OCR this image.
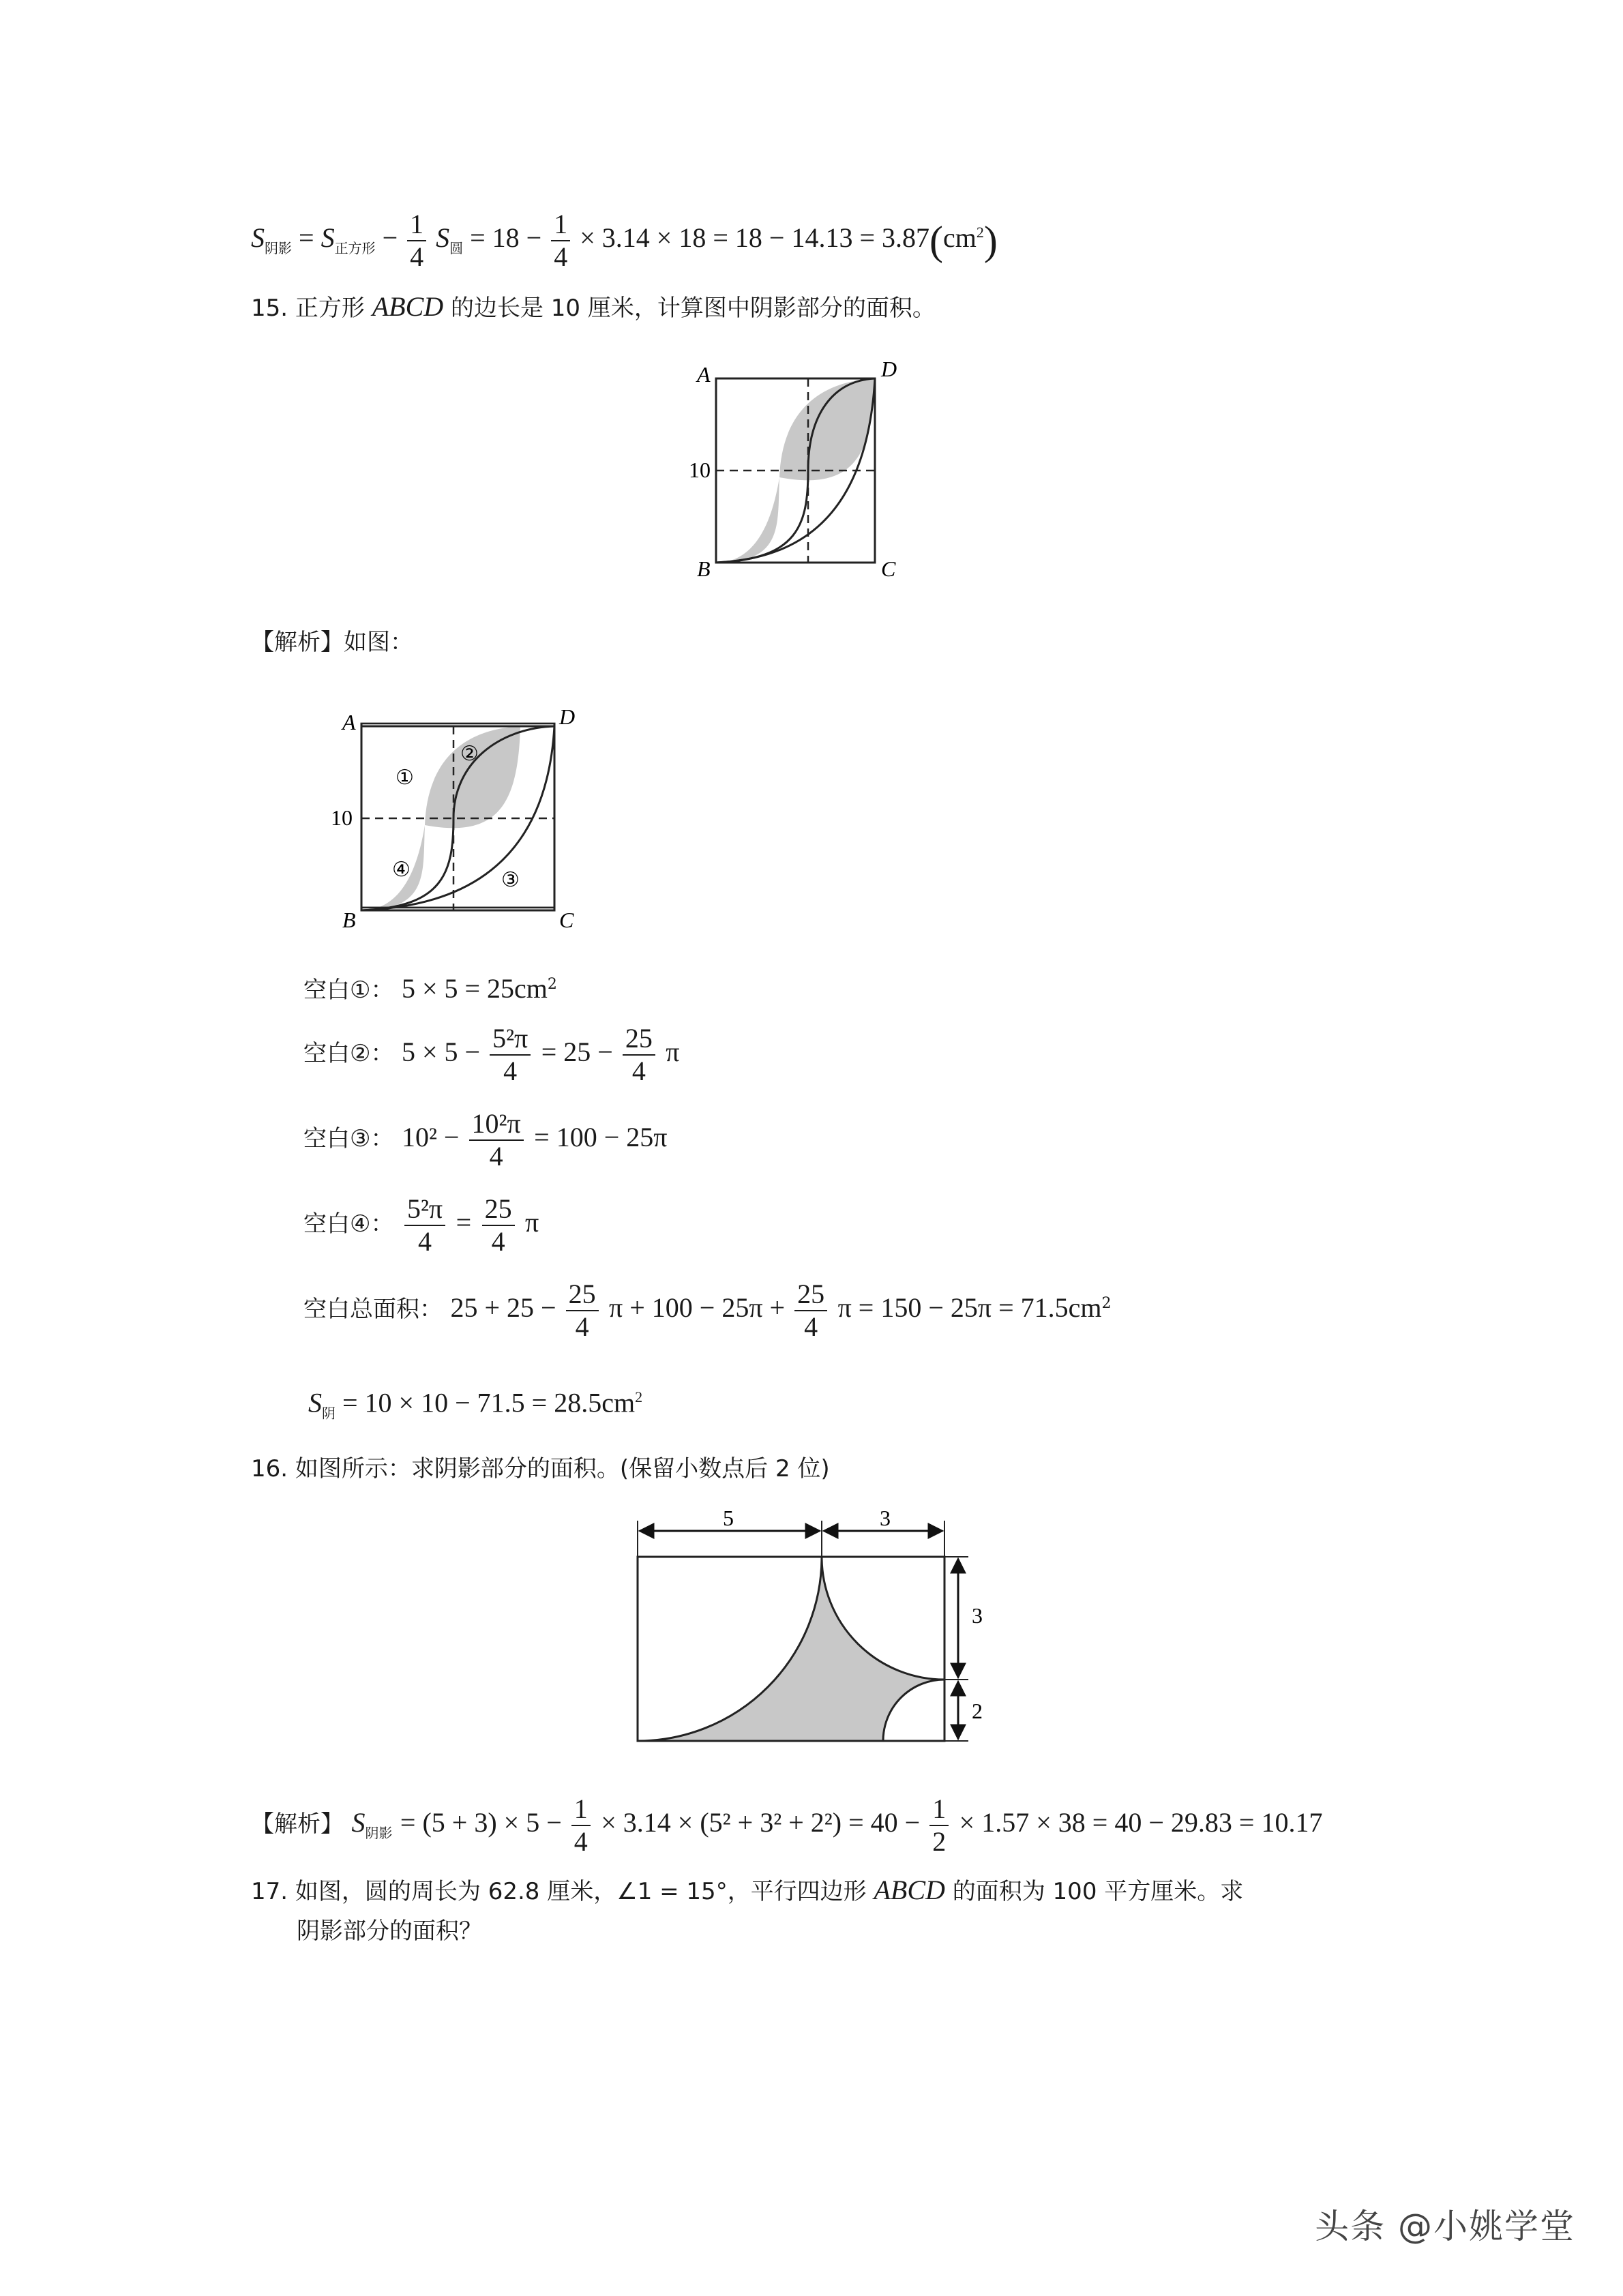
$S_{阴影} = S_{正方形} - \frac{1}{4} S_圆 = 18 - \frac{1}{4} \times 3.14 \times 18 = 18 - 14.13 = 3.87(cm^2)$
15. 正方形 ABCD 的边长是 10 厘米，计算图中阴影部分的面积。
A	D
B	C
10
【解析】如图：
A	D
B	C
10
①
②
③
④
空白①： $5 \times 5 = 25cm^2$
空白②： $5 \times 5 - \frac{\text{5²π}}{4} = 25 - \frac{25}{4}$ π
空白③： $10^2 - \frac{\text{10²π}}{4} = 100 - 25\pi$
空白④： $\frac{\text{5²π}}{4} = \frac{25}{4}$ π
空白总面积： $25 + 25 - \frac{25}{4}$ $\pi + 100 - 25\pi + \frac{25}{4}$ $\pi = 150 - 25\pi = 71.5cm^2$
$S_阴 = 10 \times 10 - 71.5 = 28.5cm^2$
16. 如图所示：求阴影部分的面积。(保留小数点后 2 位)
5	3
3
2
【解析】 $S_{阴影} = (5 + 3) \times 5 - \frac{1}{4} \times 3.14 \times (5^2 + 3^2 + 2^2) = 40 - \frac{1}{2} \times 1.57 \times 38 = 40 - 29.83 = 10.17$
17. 如图，圆的周长为 62.8 厘米，∠1 = 15°，平行四边形 ABCD 的面积为 100 平方厘米。求
阴影部分的面积？
头条 @小姚学堂
